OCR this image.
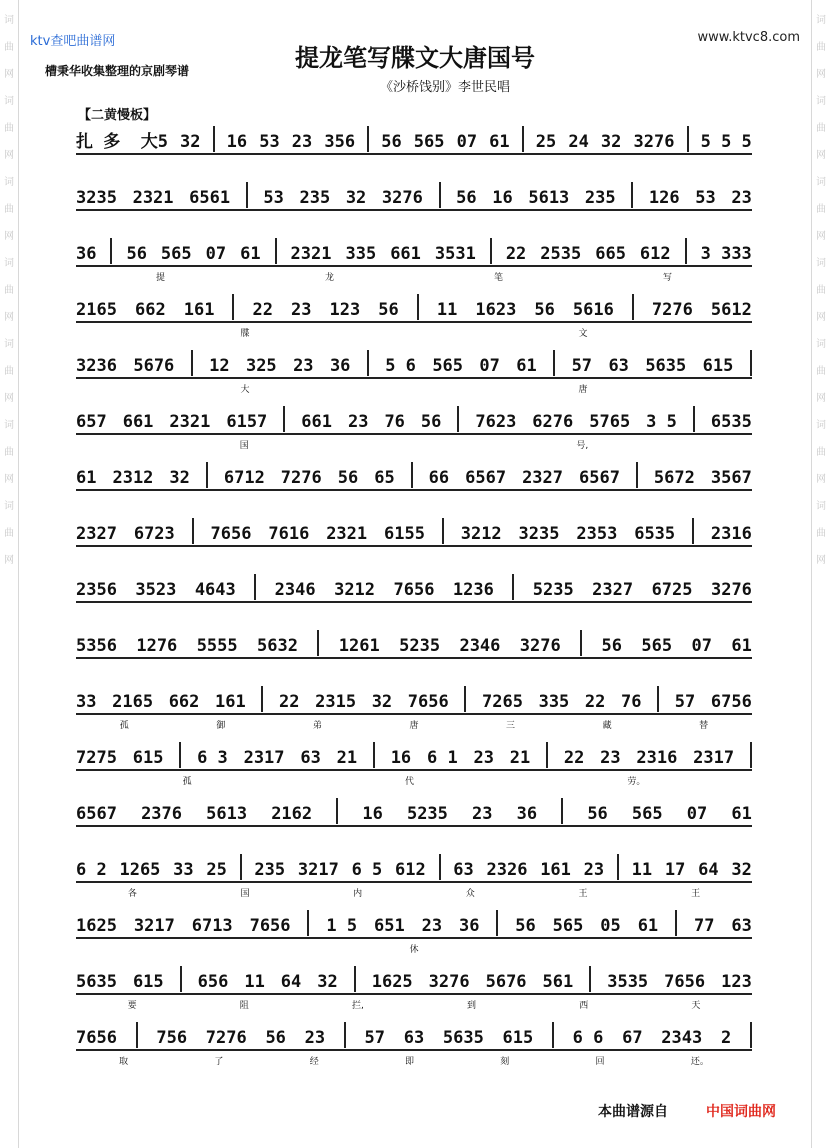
词
曲
网
词
曲
网
词
曲
网
词
曲
网
词
曲
网
词
曲
网
词
曲
网
词
曲
网
词
曲
网
词
曲
网
词
曲
网
词
曲
网
词
曲
网
词
曲
网
ktv查吧曲谱网	www.ktvc8.com
提龙笔写牒文大唐国号
槽秉华收集整理的京剧琴谱
《沙桥饯别》李世民唱
【二黄慢板】
扎 多  大5 32 16 53 23 356 56 565 07 61 25 24 32 3276 5 5 5
3235 2321 6561 53 235 32 3276 56 16 5613 235 126 53 23
36 56 565 07 61 2321 335 661 3531 22 2535 665 612 3 333
提	龙	笔	写
2165 662 161 22 23 123 56 11 1623 56 5616 7276 5612
牒	文
3236 5676 12 325 23 36 5 6 565 07 61 57 63 5635 615
大	唐
657 661 2321 6157 661 23 76 56 7623 6276 5765 3 5 6535
国	号,
61 2312 32 6712 7276 56 65 66 6567 2327 6567 5672 3567
2327 6723 7656 7616 2321 6155 3212 3235 2353 6535 2316
2356 3523 4643 2346 3212 7656 1236 5235 2327 6725 3276
5356 1276 5555 5632 1261 5235 2346 3276 56 565 07 61
33 2165 662 161 22 2315 32 7656 7265 335 22 76 57 6756
孤	御	弟	唐	三	藏	替
7275 615 6 3 2317 63 21 16 6 1 23 21 22 23 2316 2317
孤	代	劳。
6567 2376 5613 2162	16 5235 23 36	56 565 07 61
6 2 1265 33 25 235 3217 6 5 612 63 2326 161 23 11 17 64 32
各	国	内	众	王	王
1625 3217 6713 7656 1 5 651 23 36 56 565 05 61 77 63
休
5635 615 656 11 64 32 1625 3276 5676 561 3535 7656 123
要	阻	拦,	到	西	天
7656 756 7276 56 23 57 63 5635 615 6 6 67 2343 2
取	了	经	即	刻	回	还。
本曲谱源自	中国词曲网
